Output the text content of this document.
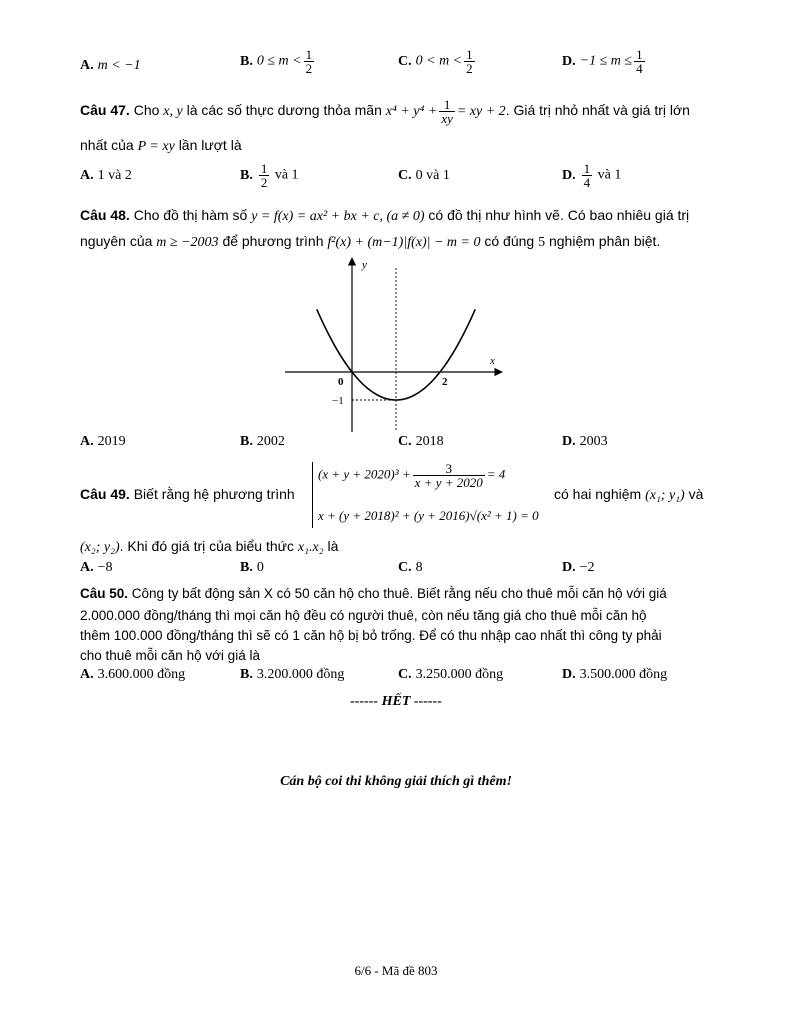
A. m < −1	B. $0 \le m < \frac{1}{2}$	C. $0 < m < \frac{1}{2}$	D. $-1 \le m \le \frac{1}{4}$
Câu 47. Cho x, y là các số thực dương thỏa mãn $x^4 + y^4 + \frac{1}{xy}$ = xy + 2. Giá trị nhỏ nhất và giá trị lớn
nhất của P = xy lần lượt là
A. 1 và 2	B. $\frac{1}{2}$ và 1	C. 0 và 1	D. $\frac{1}{4}$ và 1
Câu 48. Cho đồ thị hàm số y = f(x) = ax² + bx + c, (a ≠ 0) có đồ thị như hình vẽ. Có bao nhiêu giá trị
nguyên của m ≥ −2003 để phương trình f²(x) + (m−1)|f(x)| − m = 0 có đúng 5 nghiệm phân biệt.
y
x
0	2
−1
A. 2019	B. 2002	C. 2018	D. 2003
Câu 49. Biết rằng hệ phương trình
$(x + y + 2020)^3 + \frac{3}{x + y + 2020} = 4$
x + (y + 2018)² + (y + 2016)√(x² + 1) = 0
có hai nghiệm (x₁; y₁) và
(x₂; y₂). Khi đó giá trị của biểu thức x₁.x₂ là
A. −8	B. 0	C. 8	D. −2
Câu 50. Công ty bất động sản X có 50 căn hộ cho thuê. Biết rằng nếu cho thuê mỗi căn hộ với giá
2.000.000 đồng/tháng thì mọi căn hộ đều có người thuê, còn nếu tăng giá cho thuê mỗi căn hộ
thêm 100.000 đồng/tháng thì sẽ có 1 căn hộ bị bỏ trống. Để có thu nhập cao nhất thì công ty phải
cho thuê mỗi căn hộ với giá là
A. 3.600.000 đồng	B. 3.200.000 đồng	C. 3.250.000 đồng	D. 3.500.000 đồng
------ HẾT ------
Cán bộ coi thi không giải thích gì thêm!
6/6 - Mã đề 803
